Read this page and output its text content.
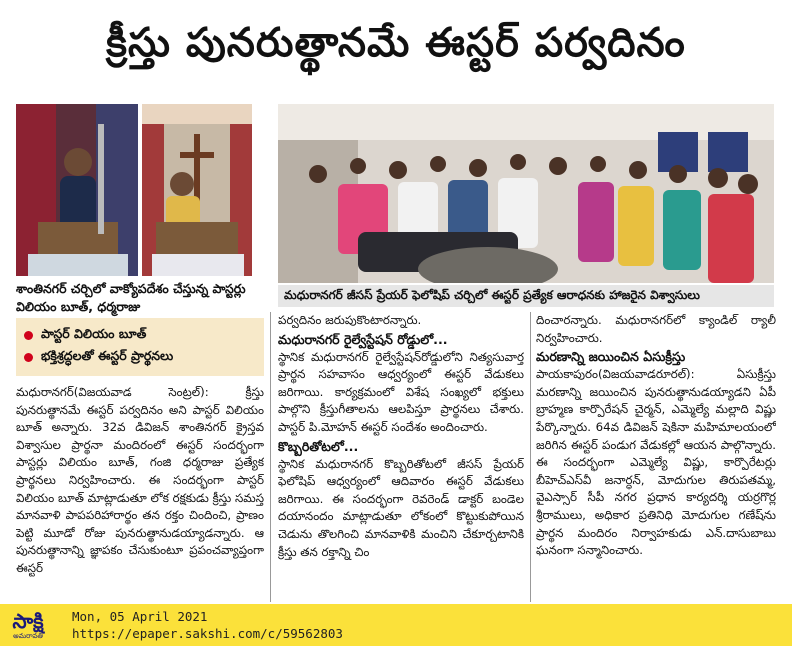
క్రీస్తు పునరుత్థానమే ఈస్టర్ పర్వదినం
శాంతినగర్ చర్చిలో వాక్యోపదేశం చేస్తున్న పాస్టర్లు విలియం బూత్, ధర్మరాజు
మధురానగర్ జీసస్ ప్రేయర్ ఫెలోషిప్ చర్చిలో ఈస్టర్ ప్రత్యేక ఆరాధనకు హాజరైన విశ్వాసులు
పాస్టర్ విలియం బూత్
భక్తిశ్రద్ధలతో ఈస్టర్ ప్రార్థనలు

మధురానగర్(విజయవాడ సెంట్రల్): క్రీస్తు పునరుత్థానమే ఈస్టర్ పర్వదినం అని పాస్టర్ విలియం బూత్ అన్నారు. 32వ డివిజన్ శాంతినగర్ క్రైస్తవ విశ్వాసుల ప్రార్థనా మందిరంలో ఈస్టర్ సందర్భంగా పాస్టర్లు విలియం బూత్, గంజి ధర్మరాజు ప్రత్యేక ప్రార్థనలు నిర్వహించారు. ఈ సందర్భంగా పాస్టర్ విలియం బూత్ మాట్లాడుతూ లోక రక్షకుడు క్రీస్తు సమస్త మానవాళి పాపపరిహారార్థం తన రక్తం చిందించి, ప్రాణం పెట్టి మూడో రోజు పునరుత్థానుడయ్యాడన్నారు. ఆ పునరుత్థానాన్ని జ్ఞాపకం చేసుకుంటూ ప్రపంచవ్యాప్తంగా ఈస్టర్

పర్వదినం జరుపుకొంటారన్నారు.

మధురానగర్ రైల్వేస్టేషన్ రోడ్డులో...

స్థానిక మధురానగర్ రైల్వేస్టేషన్‌రోడ్డులోని నిత్యసువార్త ప్రార్థన సహవాసం ఆధ్వర్యంలో ఈస్టర్ వేడుకలు జరిగాయి. కార్యక్రమంలో విశేష సంఖ్యలో భక్తులు పాల్గొని క్రీస్తుగీతాలను ఆలపిస్తూ ప్రార్థనలు చేశారు. పాస్టర్ పి.మోహన్ ఈస్టర్ సందేశం అందించారు.

కొబ్బరితోటలో...

స్థానిక మధురానగర్ కొబ్బరితోటలో జీసస్ ప్రేయర్ ఫెలోషిప్ ఆధ్వర్యంలో ఆదివారం ఈస్టర్ వేడుకలు జరిగాయి. ఈ సందర్భంగా రెవరెండ్ డాక్టర్ బండెల దయానందం మాట్లాడుతూ లోకంలో కొట్టుకుపోయిన చెడును తొలగించి మానవాళికి మంచిని చేకూర్చటానికి క్రీస్తు తన రక్తాన్ని చిం

దించారన్నారు. మధురానగర్‌లో క్యాండిల్ ర్యాలీ నిర్వహించారు.

మరణాన్ని జయించిన ఏసుక్రీస్తు

పాయకాపురం(విజయవాడరూరల్): ఏసుక్రీస్తు మరణాన్ని జయించిన పునరుత్థానుడయ్యాడని ఏపీ బ్రాహ్మణ కార్పొరేషన్ చైర్మన్, ఎమ్మెల్యే మల్లాది విష్ణు పేర్కొన్నారు. 64వ డివిజన్ షెకినా మహిమాలయంలో జరిగిన ఈస్టర్ పండుగ వేడుకల్లో ఆయన పాల్గొన్నారు. ఈ సందర్భంగా ఎమ్మెల్యే విష్ణు, కార్పొరేటర్లు బీహెచ్‌ఎస్‌వీ జనార్ధన్, మోదుగుల తిరుపతమ్మ, వైఎస్సార్ సీపీ నగర ప్రధాన కార్యదర్శి యర్రగొర్ల శ్రీరాములు, అధికార ప్రతినిధి మోదుగుల గణేష్‌ను ప్రార్థన మందిరం నిర్వాహకుడు ఎన్.దాసుబాబు ఘనంగా సన్మానించారు.

సాక్షి
అమరావతి
Mon, 05 April 2021
https://epaper.sakshi.com/c/59562803
